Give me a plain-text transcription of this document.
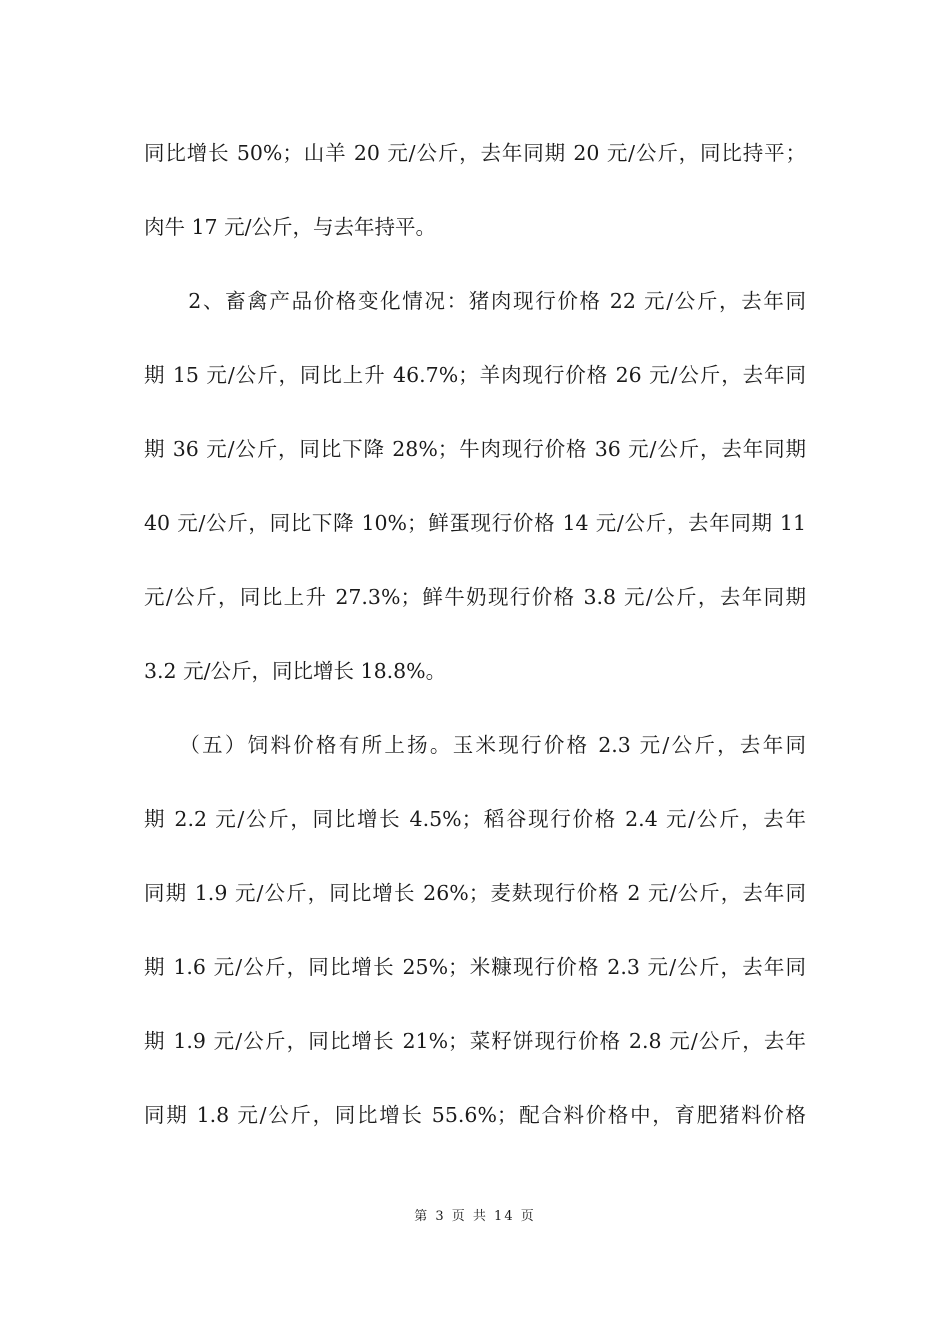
同比增长 50%；山羊 20 元/公斤，去年同期 20 元/公斤，同比持平；
肉牛 17 元/公斤，与去年持平。
　　2、畜禽产品价格变化情况：猪肉现行价格 22 元/公斤，去年同
期 15 元/公斤，同比上升 46.7%；羊肉现行价格 26 元/公斤，去年同
期 36 元/公斤，同比下降 28%；牛肉现行价格 36 元/公斤，去年同期
40 元/公斤，同比下降 10%；鲜蛋现行价格 14 元/公斤，去年同期 11
元/公斤，同比上升 27.3%；鲜牛奶现行价格 3.8 元/公斤，去年同期
3.2 元/公斤，同比增长 18.8%。
　　（五）饲料价格有所上扬。玉米现行价格 2.3 元/公斤，去年同
期 2.2 元/公斤，同比增长 4.5%；稻谷现行价格 2.4 元/公斤，去年
同期 1.9 元/公斤，同比增长 26%；麦麸现行价格 2 元/公斤，去年同
期 1.6 元/公斤，同比增长 25%；米糠现行价格 2.3 元/公斤，去年同
期 1.9 元/公斤，同比增长 21%；菜籽饼现行价格 2.8 元/公斤，去年
同期 1.8 元/公斤，同比增长 55.6%；配合料价格中，育肥猪料价格
第 3 页 共 14 页
